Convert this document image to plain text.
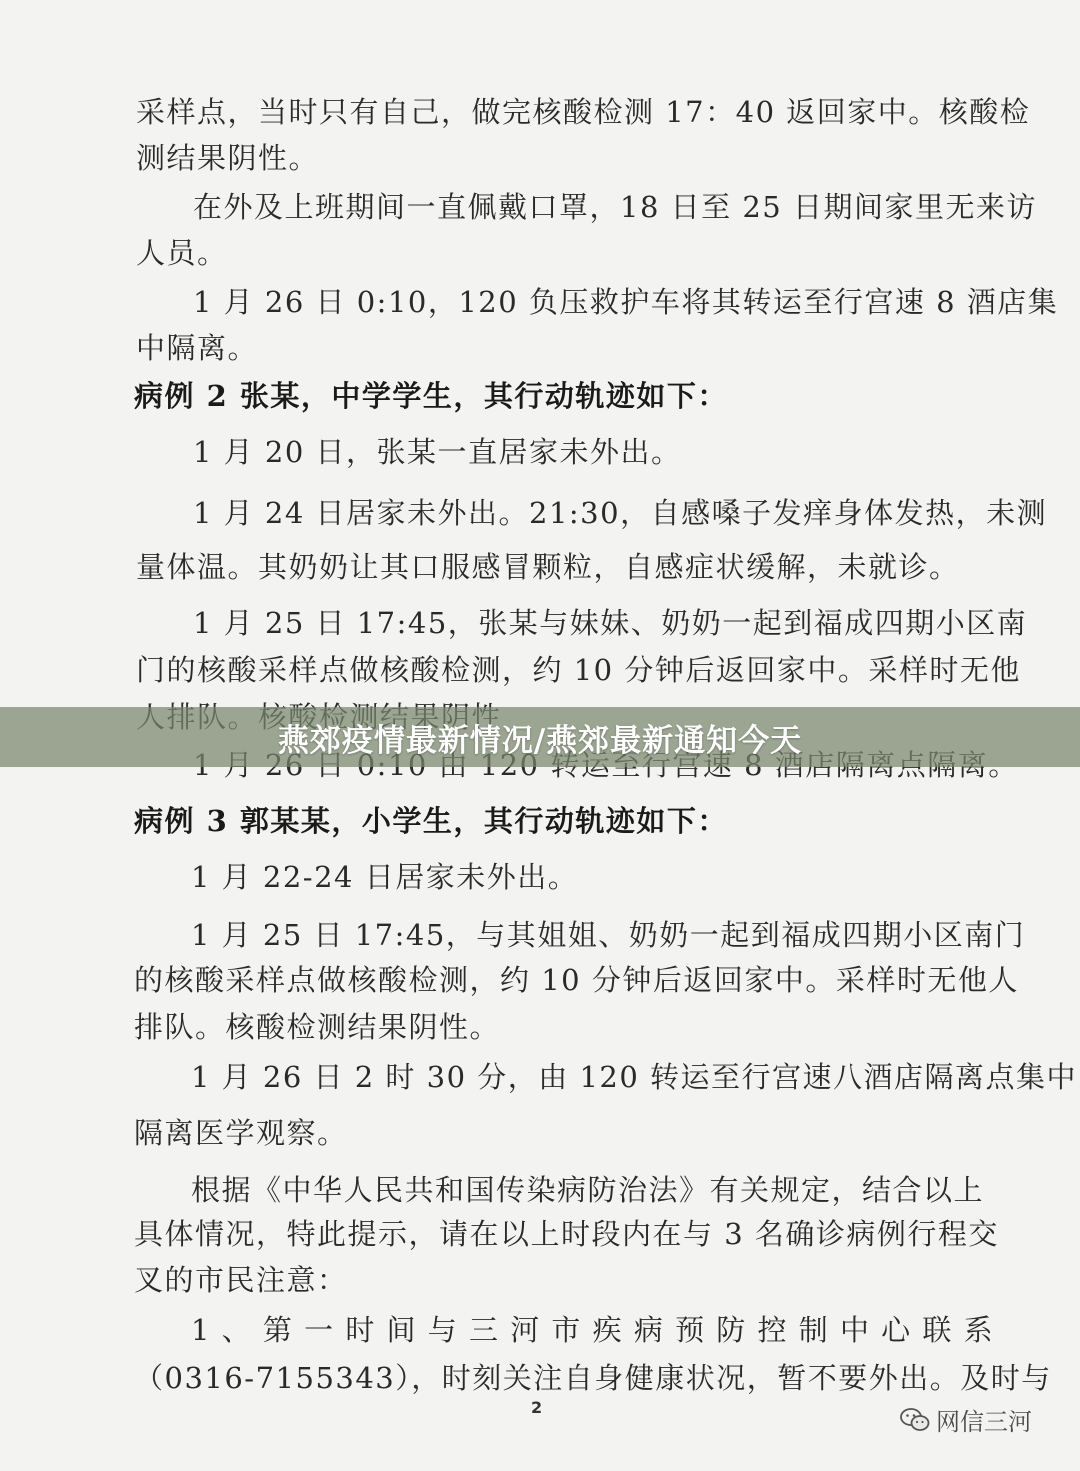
采样点，当时只有自己，做完核酸检测 17：40 返回家中。核酸检
测结果阴性。
在外及上班期间一直佩戴口罩，18 日至 25 日期间家里无来访
人员。
1 月 26 日 0:10，120 负压救护车将其转运至行宫速 8 酒店集
中隔离。
病例 2 张某，中学学生，其行动轨迹如下：
1 月 20 日，张某一直居家未外出。
1 月 24 日居家未外出。21:30，自感嗓子发痒身体发热，未测
量体温。其奶奶让其口服感冒颗粒，自感症状缓解，未就诊。
1 月 25 日 17:45，张某与妹妹、奶奶一起到福成四期小区南
门的核酸采样点做核酸检测，约 10 分钟后返回家中。采样时无他
病例 3 郭某某，小学生，其行动轨迹如下：
1 月 22-24 日居家未外出。
1 月 25 日 17:45，与其姐姐、奶奶一起到福成四期小区南门
的核酸采样点做核酸检测，约 10 分钟后返回家中。采样时无他人
排队。核酸检测结果阴性。
1 月 26 日 2 时 30 分，由 120 转运至行宫速八酒店隔离点集中
隔离医学观察。
根据《中华人民共和国传染病防治法》有关规定，结合以上
具体情况，特此提示，请在以上时段内在与 3 名确诊病例行程交
叉的市民注意：
1 、 第 一 时 间 与 三 河 市 疾 病 预 防 控 制 中 心 联 系
（0316-7155343），时刻关注自身健康状况，暂不要外出。及时与
2
燕郊疫情最新情况/燕郊最新通知今天
网信三河
